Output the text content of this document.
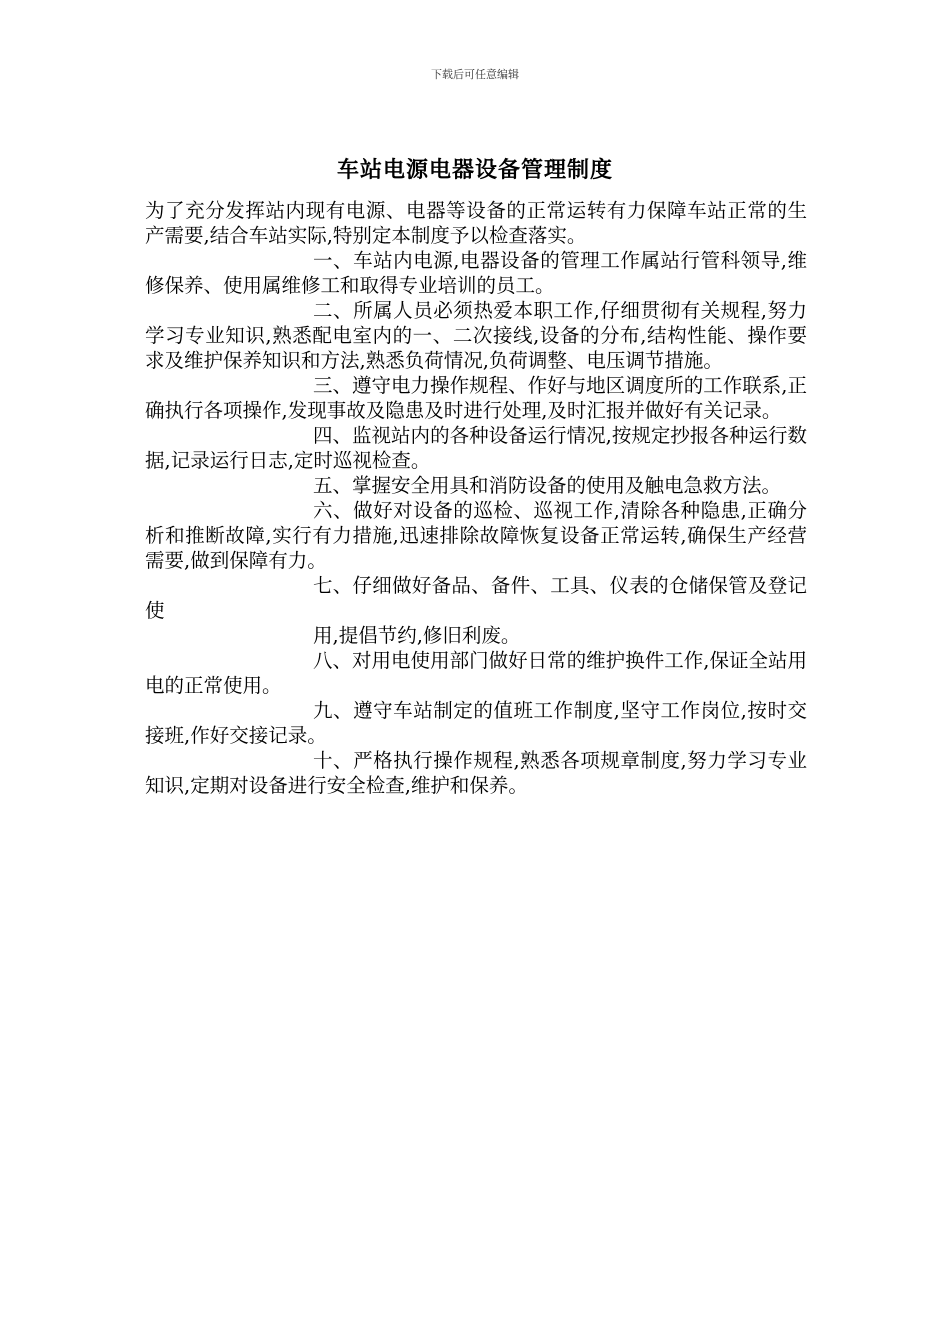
下载后可任意编辑
车站电源电器设备管理制度

为了充分发挥站内现有电源、电器等设备的正常运转有力保障车站正常的生产需要,结合车站实际,特别定本制度予以检查落实。

一、车站内电源,电器设备的管理工作属站行管科领导,维修保养、使用属维修工和取得专业培训的员工。

二、所属人员必须热爱本职工作,仔细贯彻有关规程,努力学习专业知识,熟悉配电室内的一、二次接线,设备的分布,结构性能、操作要求及维护保养知识和方法,熟悉负荷情况,负荷调整、电压调节措施。

三、遵守电力操作规程、作好与地区调度所的工作联系,正确执行各项操作,发现事故及隐患及时进行处理,及时汇报并做好有关记录。

四、监视站内的各种设备运行情况,按规定抄报各种运行数据,记录运行日志,定时巡视检查。

五、掌握安全用具和消防设备的使用及触电急救方法。

六、做好对设备的巡检、巡视工作,清除各种隐患,正确分析和推断故障,实行有力措施,迅速排除故障恢复设备正常运转,确保生产经营需要,做到保障有力。

七、仔细做好备品、备件、工具、仪表的仓储保管及登记使

用,提倡节约,修旧利废。

八、对用电使用部门做好日常的维护换件工作,保证全站用电的正常使用。

九、遵守车站制定的值班工作制度,坚守工作岗位,按时交接班,作好交接记录。

十、严格执行操作规程,熟悉各项规章制度,努力学习专业知识,定期对设备进行安全检查,维护和保养。
